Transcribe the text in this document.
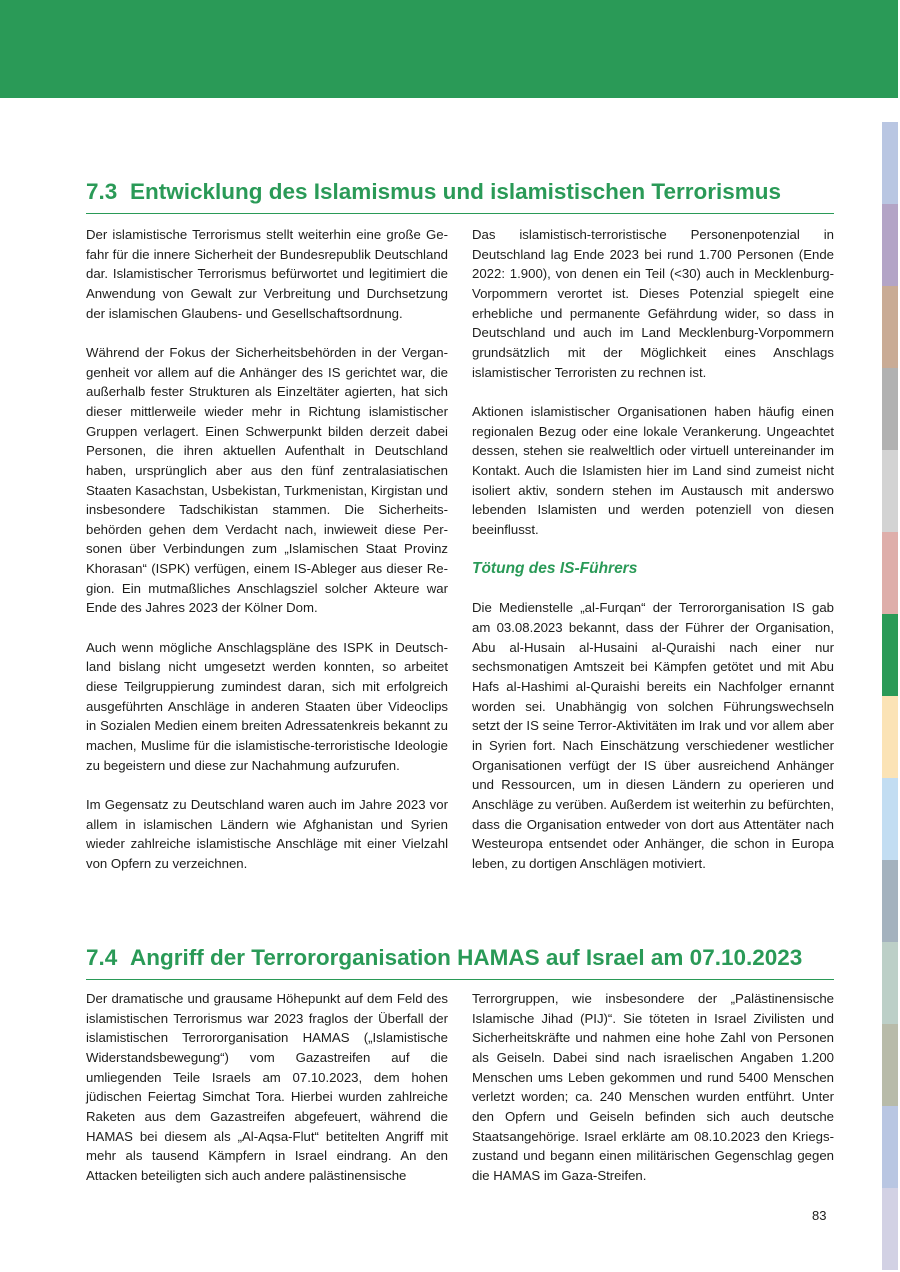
7.3 Entwicklung des Islamismus und islamistischen Terrorismus

Der islamistische Terrorismus stellt weiterhin eine große Gefahr für die innere Sicherheit der Bundesrepublik Deutschland dar. Islamistischer Terrorismus befürwortet und legitimiert die Anwendung von Gewalt zur Verbreitung und Durchsetzung der islamischen Glaubens- und Gesellschaftsordnung.

Während der Fokus der Sicherheitsbehörden in der Vergangenheit vor allem auf die Anhänger des IS gerichtet war, die außerhalb fester Strukturen als Einzeltäter agierten, hat sich dieser mittlerweile wieder mehr in Richtung islamistischer Gruppen verlagert. Einen Schwerpunkt bilden derzeit dabei Personen, die ihren aktuellen Aufenthalt in Deutschland haben, ursprünglich aber aus den fünf zentralasiatischen Staaten Kasachstan, Usbekistan, Turkmenistan, Kirgistan und insbesondere Tadschikistan stammen. Die Sicherheitsbehörden gehen dem Verdacht nach, inwieweit diese Personen über Verbindungen zum „Islamischen Staat Provinz Khorasan“ (ISPK) verfügen, einem IS-Ableger aus dieser Region. Ein mutmaßliches Anschlagsziel solcher Akteure war Ende des Jahres 2023 der Kölner Dom.

Auch wenn mögliche Anschlagspläne des ISPK in Deutschland bislang nicht umgesetzt werden konnten, so arbeitet diese Teilgruppierung zumindest daran, sich mit erfolgreich ausgeführten Anschläge in anderen Staaten über Videoclips in Sozialen Medien einem breiten Adressatenkreis bekannt zu machen, Muslime für die islamistische-terroristische Ideologie zu begeistern und diese zur Nachahmung aufzurufen.

Im Gegensatz zu Deutschland waren auch im Jahre 2023 vor allem in islamischen Ländern wie Afghanistan und Syrien wieder zahlreiche islamistische Anschläge mit einer Vielzahl von Opfern zu verzeichnen.

Das islamistisch-terroristische Personenpotenzial in Deutschland lag Ende 2023 bei rund 1.700 Personen (Ende 2022: 1.900), von denen ein Teil (<30) auch in Mecklenburg-Vorpommern verortet ist. Dieses Potenzial spiegelt eine erhebliche und permanente Gefährdung wider, so dass in Deutschland und auch im Land Mecklenburg-Vorpommern grundsätzlich mit der Möglichkeit eines Anschlags islamistischer Terroristen zu rechnen ist.

Aktionen islamistischer Organisationen haben häufig einen regionalen Bezug oder eine lokale Verankerung. Ungeachtet dessen, stehen sie realweltlich oder virtuell untereinander im Kontakt. Auch die Islamisten hier im Land sind zumeist nicht isoliert aktiv, sondern stehen im Austausch mit anderswo lebenden Islamisten und werden potenziell von diesen beeinflusst.

Tötung des IS-Führers

Die Medienstelle „al-Furqan“ der Terrororganisation IS gab am 03.08.2023 bekannt, dass der Führer der Organisation, Abu al-Husain al-Husaini al-Quraishi nach einer nur sechsmonatigen Amtszeit bei Kämpfen getötet und mit Abu Hafs al-Hashimi al-Quraishi bereits ein Nachfolger ernannt worden sei. Unabhängig von solchen Führungswechseln setzt der IS seine Terror-Aktivitäten im Irak und vor allem aber in Syrien fort. Nach Einschätzung verschiedener westlicher Organisationen verfügt der IS über ausreichend Anhänger und Ressourcen, um in diesen Ländern zu operieren und Anschläge zu verüben. Außerdem ist weiterhin zu befürchten, dass die Organisation entweder von dort aus Attentäter nach Westeuropa entsendet oder Anhänger, die schon in Europa leben, zu dortigen Anschlägen motiviert.

7.4 Angriff der Terrororganisation HAMAS auf Israel am 07.10.2023

Der dramatische und grausame Höhepunkt auf dem Feld des islamistischen Terrorismus war 2023 fraglos der Überfall der islamistischen Terrororganisation HAMAS („Islamistische Widerstandsbewegung“) vom Gazastreifen auf die umliegenden Teile Israels am 07.10.2023, dem hohen jüdischen Feiertag Simchat Tora. Hierbei wurden zahlreiche Raketen aus dem Gazastreifen abgefeuert, während die HAMAS bei diesem als „Al-Aqsa-Flut“ betitelten Angriff mit mehr als tausend Kämpfern in Israel eindrang. An den Attacken beteiligten sich auch andere palästinensische

Terrorgruppen, wie insbesondere der „Palästinensische Islamische Jihad (PIJ)“. Sie töteten in Israel Zivilisten und Sicherheitskräfte und nahmen eine hohe Zahl von Personen als Geiseln. Dabei sind nach israelischen Angaben 1.200 Menschen ums Leben gekommen und rund 5400 Menschen verletzt worden; ca. 240 Menschen wurden entführt. Unter den Opfern und Geiseln befinden sich auch deutsche Staatsangehörige. Israel erklärte am 08.10.2023 den Kriegszustand und begann einen militärischen Gegenschlag gegen die HAMAS im Gaza-Streifen.

83
